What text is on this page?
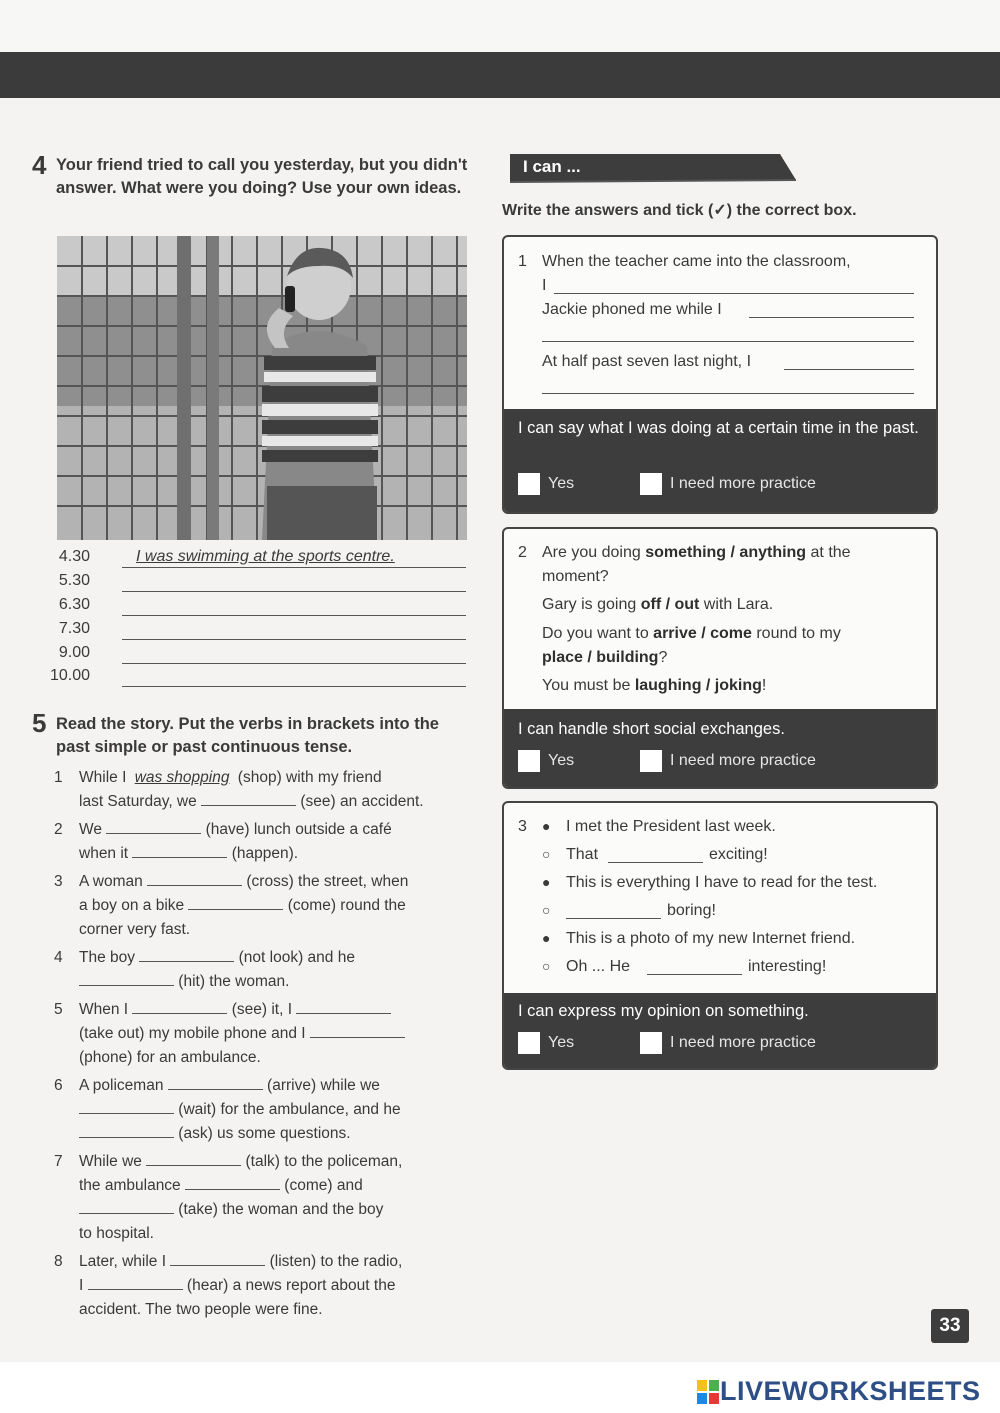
4 Your friend tried to call you yesterday, but you didn't answer. What were you doing? Use your own ideas.
4.30	I was swimming at the sports centre.
5.30
6.30
7.30
9.00
10.00
5 Read the story. Put the verbs in brackets into the past simple or past continuous tense.
1	While I was shopping (shop) with my friend
last Saturday, we	(see) an accident.
2	We	(have) lunch outside a café
when it	(happen).
3	A woman	(cross) the street, when
a boy on a bike	(come) round the
corner very fast.
4	The boy	(not look) and he
(hit) the woman.
5	When I	(see) it, I
(take out) my mobile phone and I
(phone) for an ambulance.
6	A policeman	(arrive) while we
(wait) for the ambulance, and he
(ask) us some questions.
7	While we	(talk) to the policeman,
the ambulance	(come) and
(take) the woman and the boy
to hospital.
8	Later, while I	(listen) to the radio,
I	(hear) a news report about the
accident. The two people were fine.
I can ...
Write the answers and tick (✓) the correct box.
1 When the teacher came into the classroom,
I
Jackie phoned me while I
At half past seven last night, I
I can say what I was doing at a certain time in the past.
Yes	I need more practice
2 Are you doing something / anything at the
moment?
Gary is going off / out with Lara.
Do you want to arrive / come round to my
place / building?
You must be laughing / joking!
I can handle short social exchanges.
Yes	I need more practice
3 ● I met the President last week.
○ That	exciting!
● This is everything I have to read for the test.
○	boring!
● This is a photo of my new Internet friend.
○ Oh ... He	interesting!
I can express my opinion on something.
Yes	I need more practice
33
LIVEWORKSHEETS
